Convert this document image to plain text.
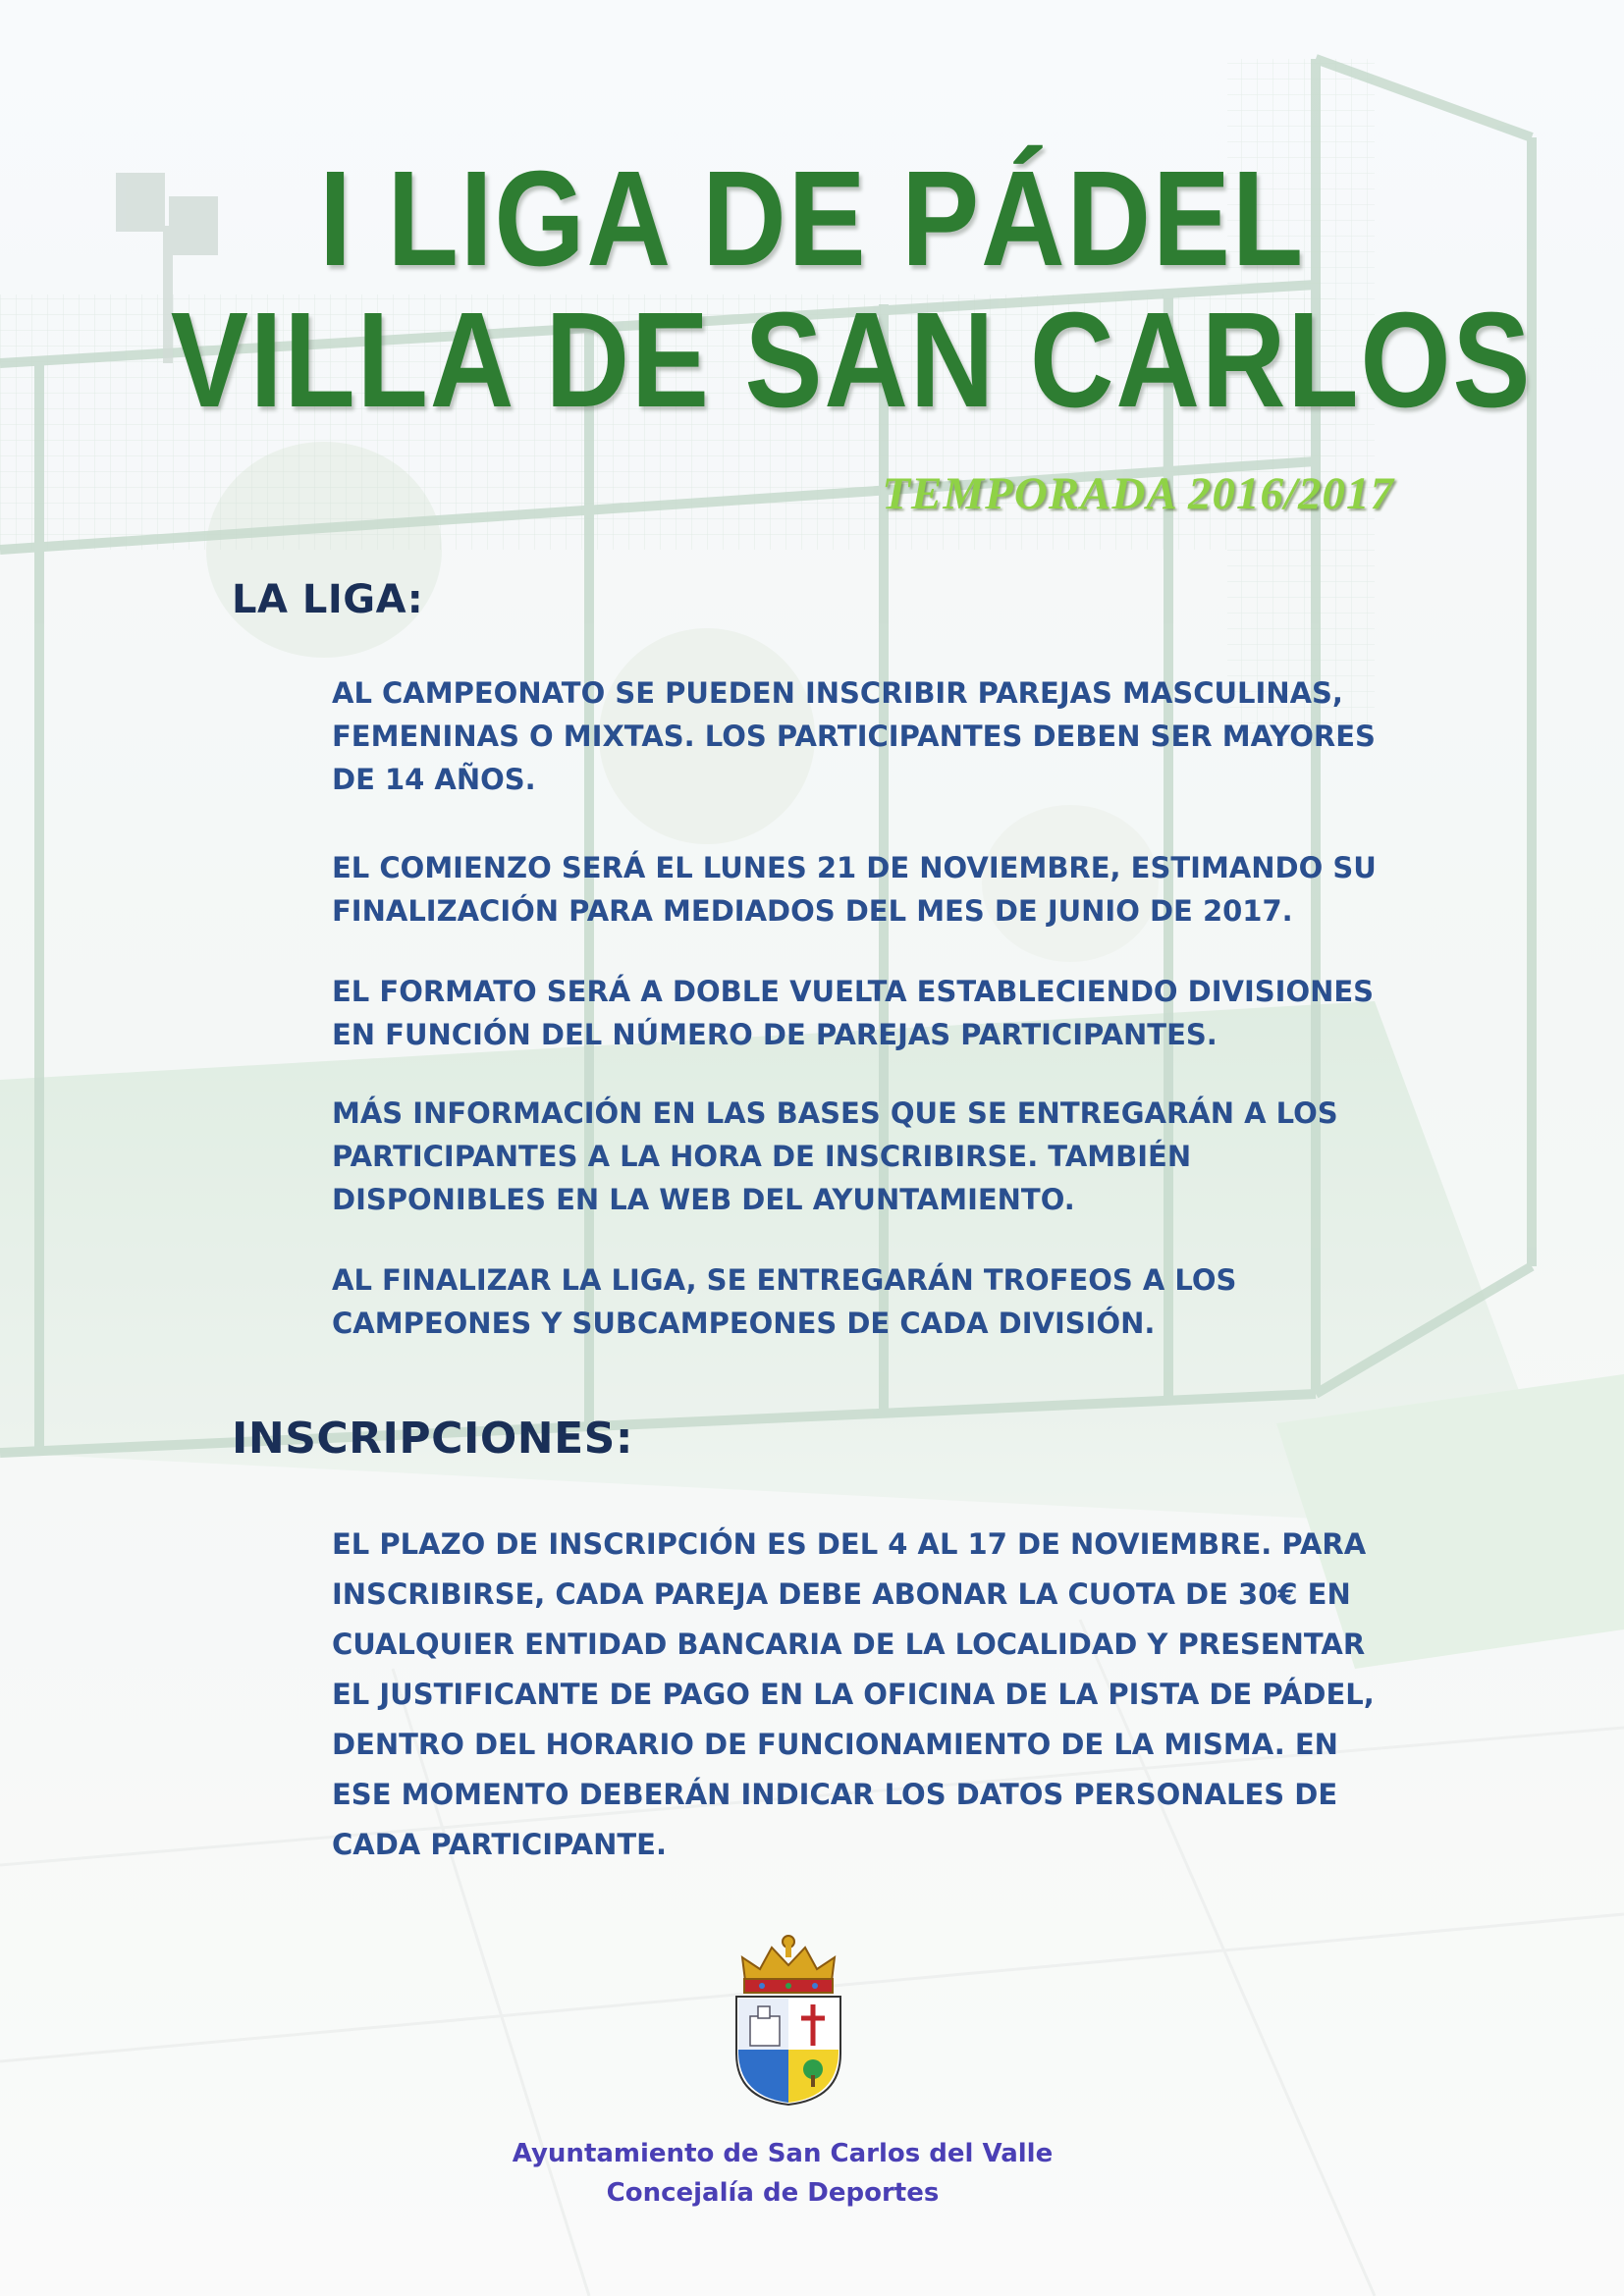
I LIGA DE PÁDEL
VILLA DE SAN CARLOS
TEMPORADA 2016/2017
LA LIGA:

AL CAMPEONATO SE PUEDEN INSCRIBIR PAREJAS MASCULINAS,
FEMENINAS O MIXTAS. LOS PARTICIPANTES DEBEN SER MAYORES
DE 14 AÑOS.

EL COMIENZO SERÁ EL LUNES 21 DE NOVIEMBRE, ESTIMANDO SU
FINALIZACIÓN PARA MEDIADOS DEL MES DE JUNIO DE 2017.

EL FORMATO SERÁ A DOBLE VUELTA ESTABLECIENDO DIVISIONES
EN FUNCIÓN DEL NÚMERO DE PAREJAS PARTICIPANTES.

MÁS INFORMACIÓN EN LAS BASES QUE SE ENTREGARÁN A LOS
PARTICIPANTES A LA HORA DE INSCRIBIRSE. TAMBIÉN
DISPONIBLES EN LA WEB DEL AYUNTAMIENTO.

AL FINALIZAR LA LIGA, SE ENTREGARÁN TROFEOS A LOS
CAMPEONES Y SUBCAMPEONES DE CADA DIVISIÓN.

INSCRIPCIONES:

EL PLAZO DE INSCRIPCIÓN ES DEL 4 AL 17 DE NOVIEMBRE. PARA
INSCRIBIRSE, CADA PAREJA DEBE ABONAR LA CUOTA DE 30€ EN
CUALQUIER ENTIDAD BANCARIA DE LA LOCALIDAD Y PRESENTAR
EL JUSTIFICANTE DE PAGO EN LA OFICINA DE LA PISTA DE PÁDEL,
DENTRO DEL HORARIO DE FUNCIONAMIENTO DE LA MISMA. EN
ESE MOMENTO DEBERÁN INDICAR LOS DATOS PERSONALES DE
CADA PARTICIPANTE.

Ayuntamiento de San Carlos del Valle
Concejalía de Deportes
